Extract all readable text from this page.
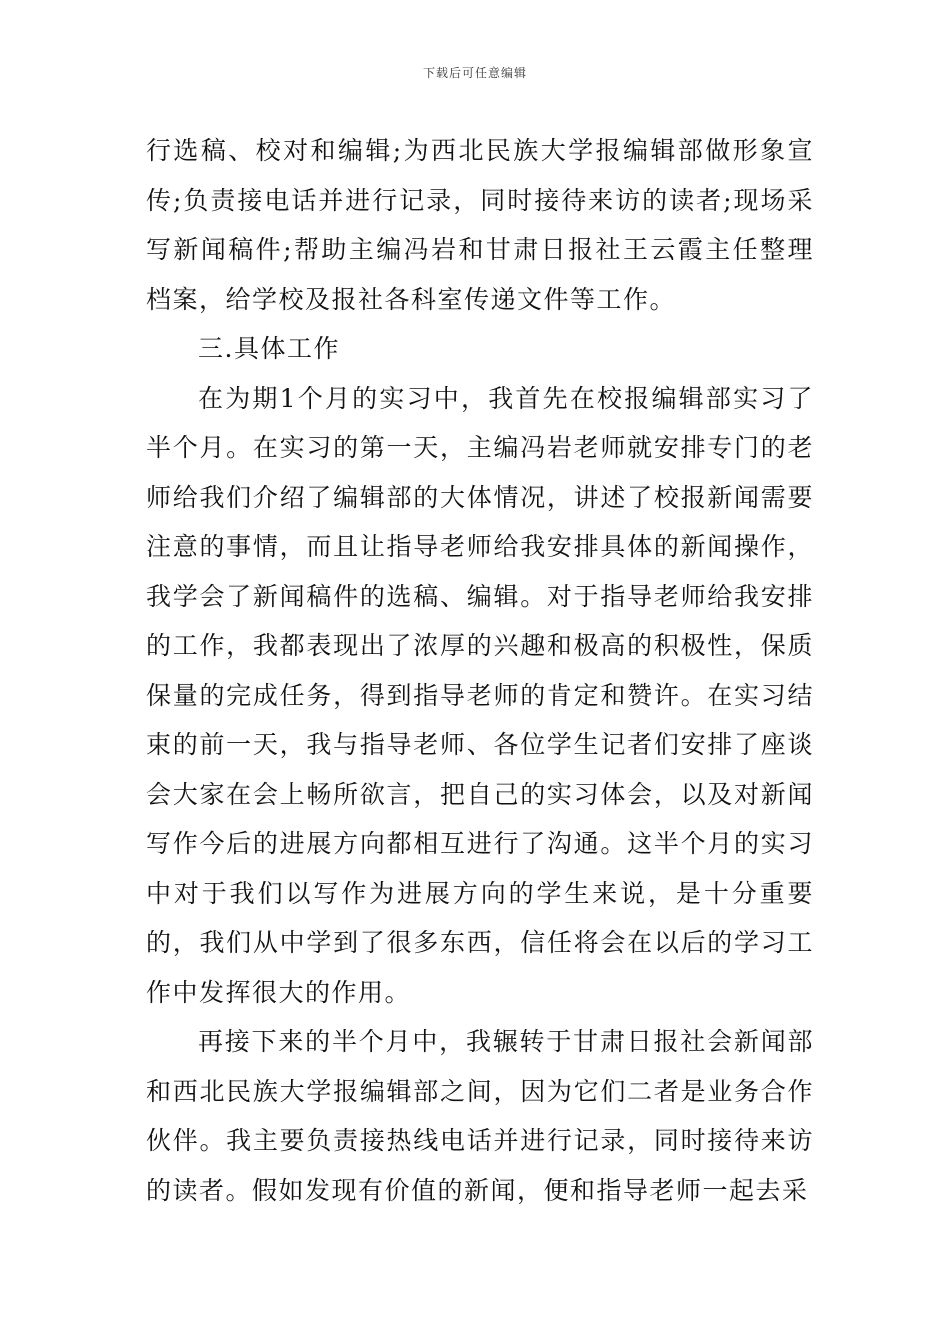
下载后可任意编辑

行选稿、校对和编辑;为西北民族大学报编辑部做形象宣传;负责接电话并进行记录，同时接待来访的读者;现场采写新闻稿件;帮助主编冯岩和甘肃日报社王云霞主任整理档案，给学校及报社各科室传递文件等工作。

三.具体工作

在为期1个月的实习中，我首先在校报编辑部实习了半个月。在实习的第一天，主编冯岩老师就安排专门的老师给我们介绍了编辑部的大体情况，讲述了校报新闻需要注意的事情，而且让指导老师给我安排具体的新闻操作，我学会了新闻稿件的选稿、编辑。对于指导老师给我安排的工作，我都表现出了浓厚的兴趣和极高的积极性，保质保量的完成任务，得到指导老师的肯定和赞许。在实习结束的前一天，我与指导老师、各位学生记者们安排了座谈会大家在会上畅所欲言，把自己的实习体会，以及对新闻写作今后的进展方向都相互进行了沟通。这半个月的实习中对于我们以写作为进展方向的学生来说，是十分重要的，我们从中学到了很多东西，信任将会在以后的学习工作中发挥很大的作用。

再接下来的半个月中，我辗转于甘肃日报社会新闻部和西北民族大学报编辑部之间，因为它们二者是业务合作伙伴。我主要负责接热线电话并进行记录，同时接待来访的读者。假如发现有价值的新闻，便和指导老师一起去采
